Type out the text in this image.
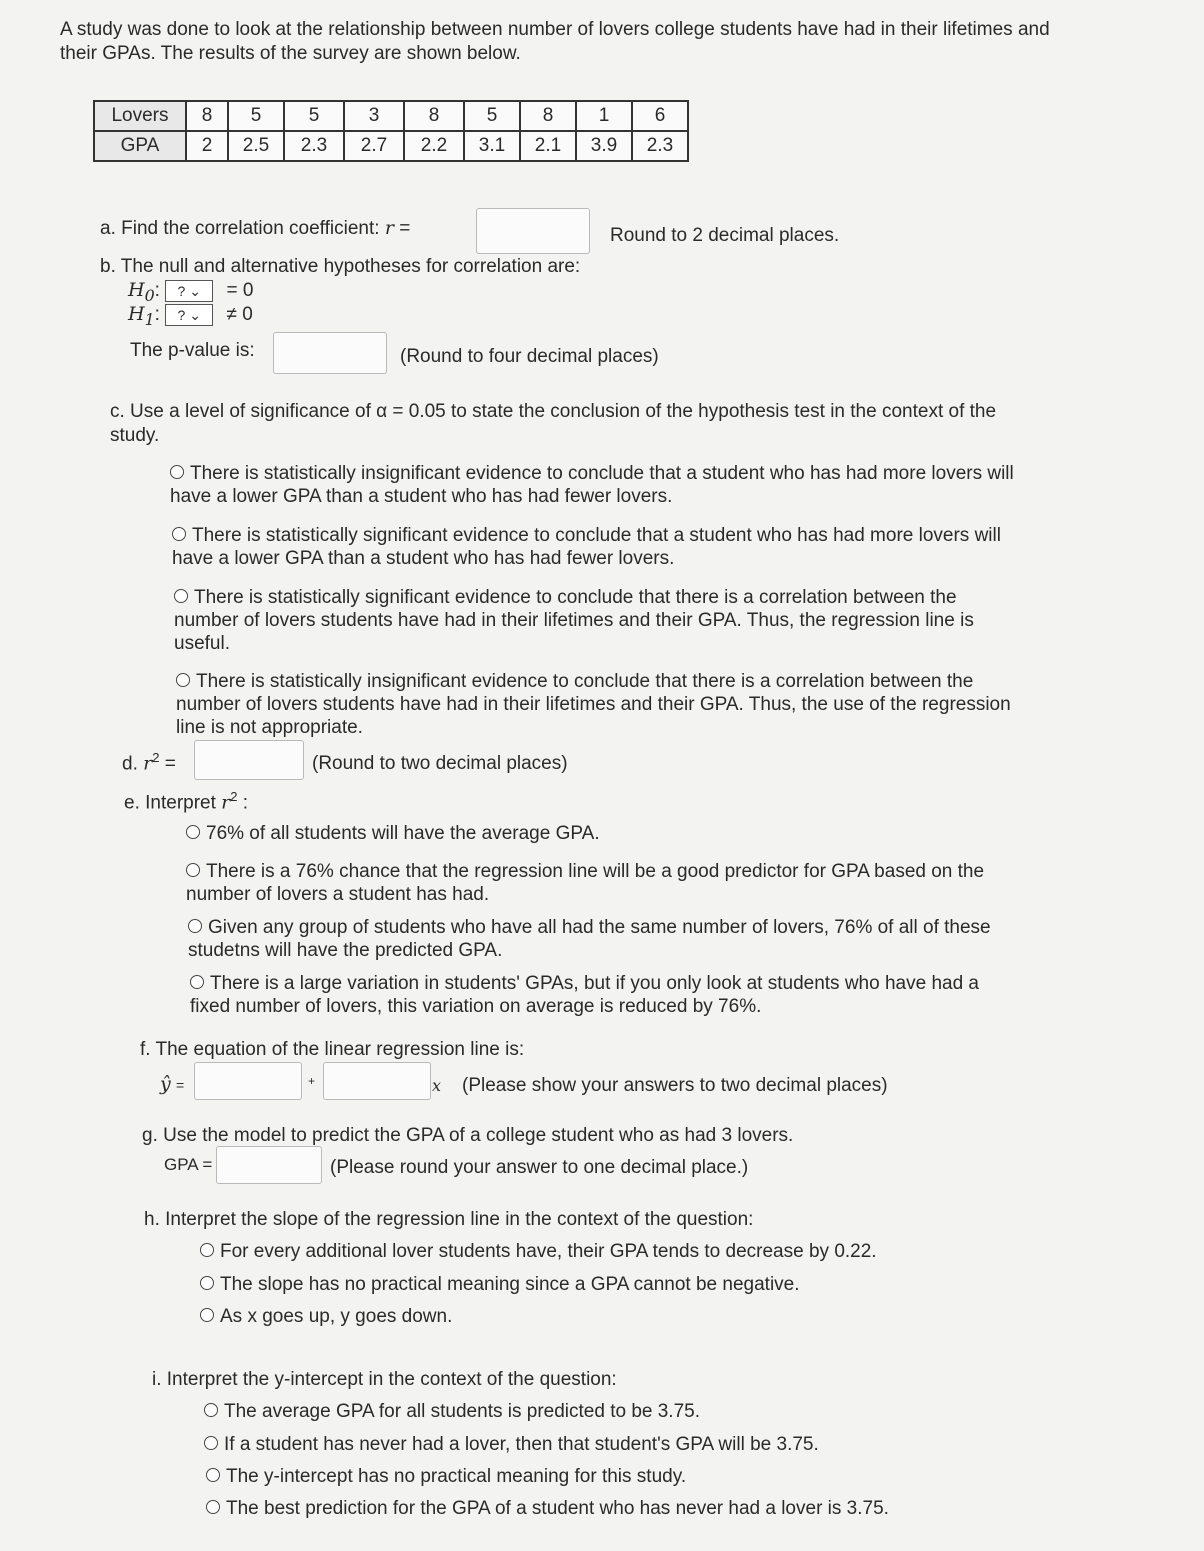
A study was done to look at the relationship between number of lovers college students have had in their lifetimes and their GPAs. The results of the survey are shown below.
Lovers	8	5	5	3	8	5	8	1	6
GPA	2	2.5	2.3	2.7	2.2	3.1	2.1	3.9	2.3
a. Find the correlation coefficient: r =	Round to 2 decimal places.
b. The null and alternative hypotheses for correlation are:
$H_0$: ? ⌄ = 0
$H_1$: ? ⌄ ≠ 0
The p-value is:	(Round to four decimal places)
c. Use a level of significance of α = 0.05 to state the conclusion of the hypothesis test in the context of the study.
There is statistically insignificant evidence to conclude that a student who has had more lovers will have a lower GPA than a student who has had fewer lovers.
There is statistically significant evidence to conclude that a student who has had more lovers will have a lower GPA than a student who has had fewer lovers.
There is statistically significant evidence to conclude that there is a correlation between the number of lovers students have had in their lifetimes and their GPA. Thus, the regression line is useful.
There is statistically insignificant evidence to conclude that there is a correlation between the number of lovers students have had in their lifetimes and their GPA. Thus, the use of the regression line is not appropriate.
d. $r^2$ =	(Round to two decimal places)
e. Interpret $r^2$ :
76% of all students will have the average GPA.
There is a 76% chance that the regression line will be a good predictor for GPA based on the number of lovers a student has had.
Given any group of students who have all had the same number of lovers, 76% of all of these studetns will have the predicted GPA.
There is a large variation in students' GPAs, but if you only look at students who have had a fixed number of lovers, this variation on average is reduced by 76%.
f. The equation of the linear regression line is:
ŷ =	+	x (Please show your answers to two decimal places)
g. Use the model to predict the GPA of a college student who as had 3 lovers.
GPA =	(Please round your answer to one decimal place.)
h. Interpret the slope of the regression line in the context of the question:
For every additional lover students have, their GPA tends to decrease by 0.22.
The slope has no practical meaning since a GPA cannot be negative.
As x goes up, y goes down.
i. Interpret the y-intercept in the context of the question:
The average GPA for all students is predicted to be 3.75.
If a student has never had a lover, then that student's GPA will be 3.75.
The y-intercept has no practical meaning for this study.
The best prediction for the GPA of a student who has never had a lover is 3.75.
